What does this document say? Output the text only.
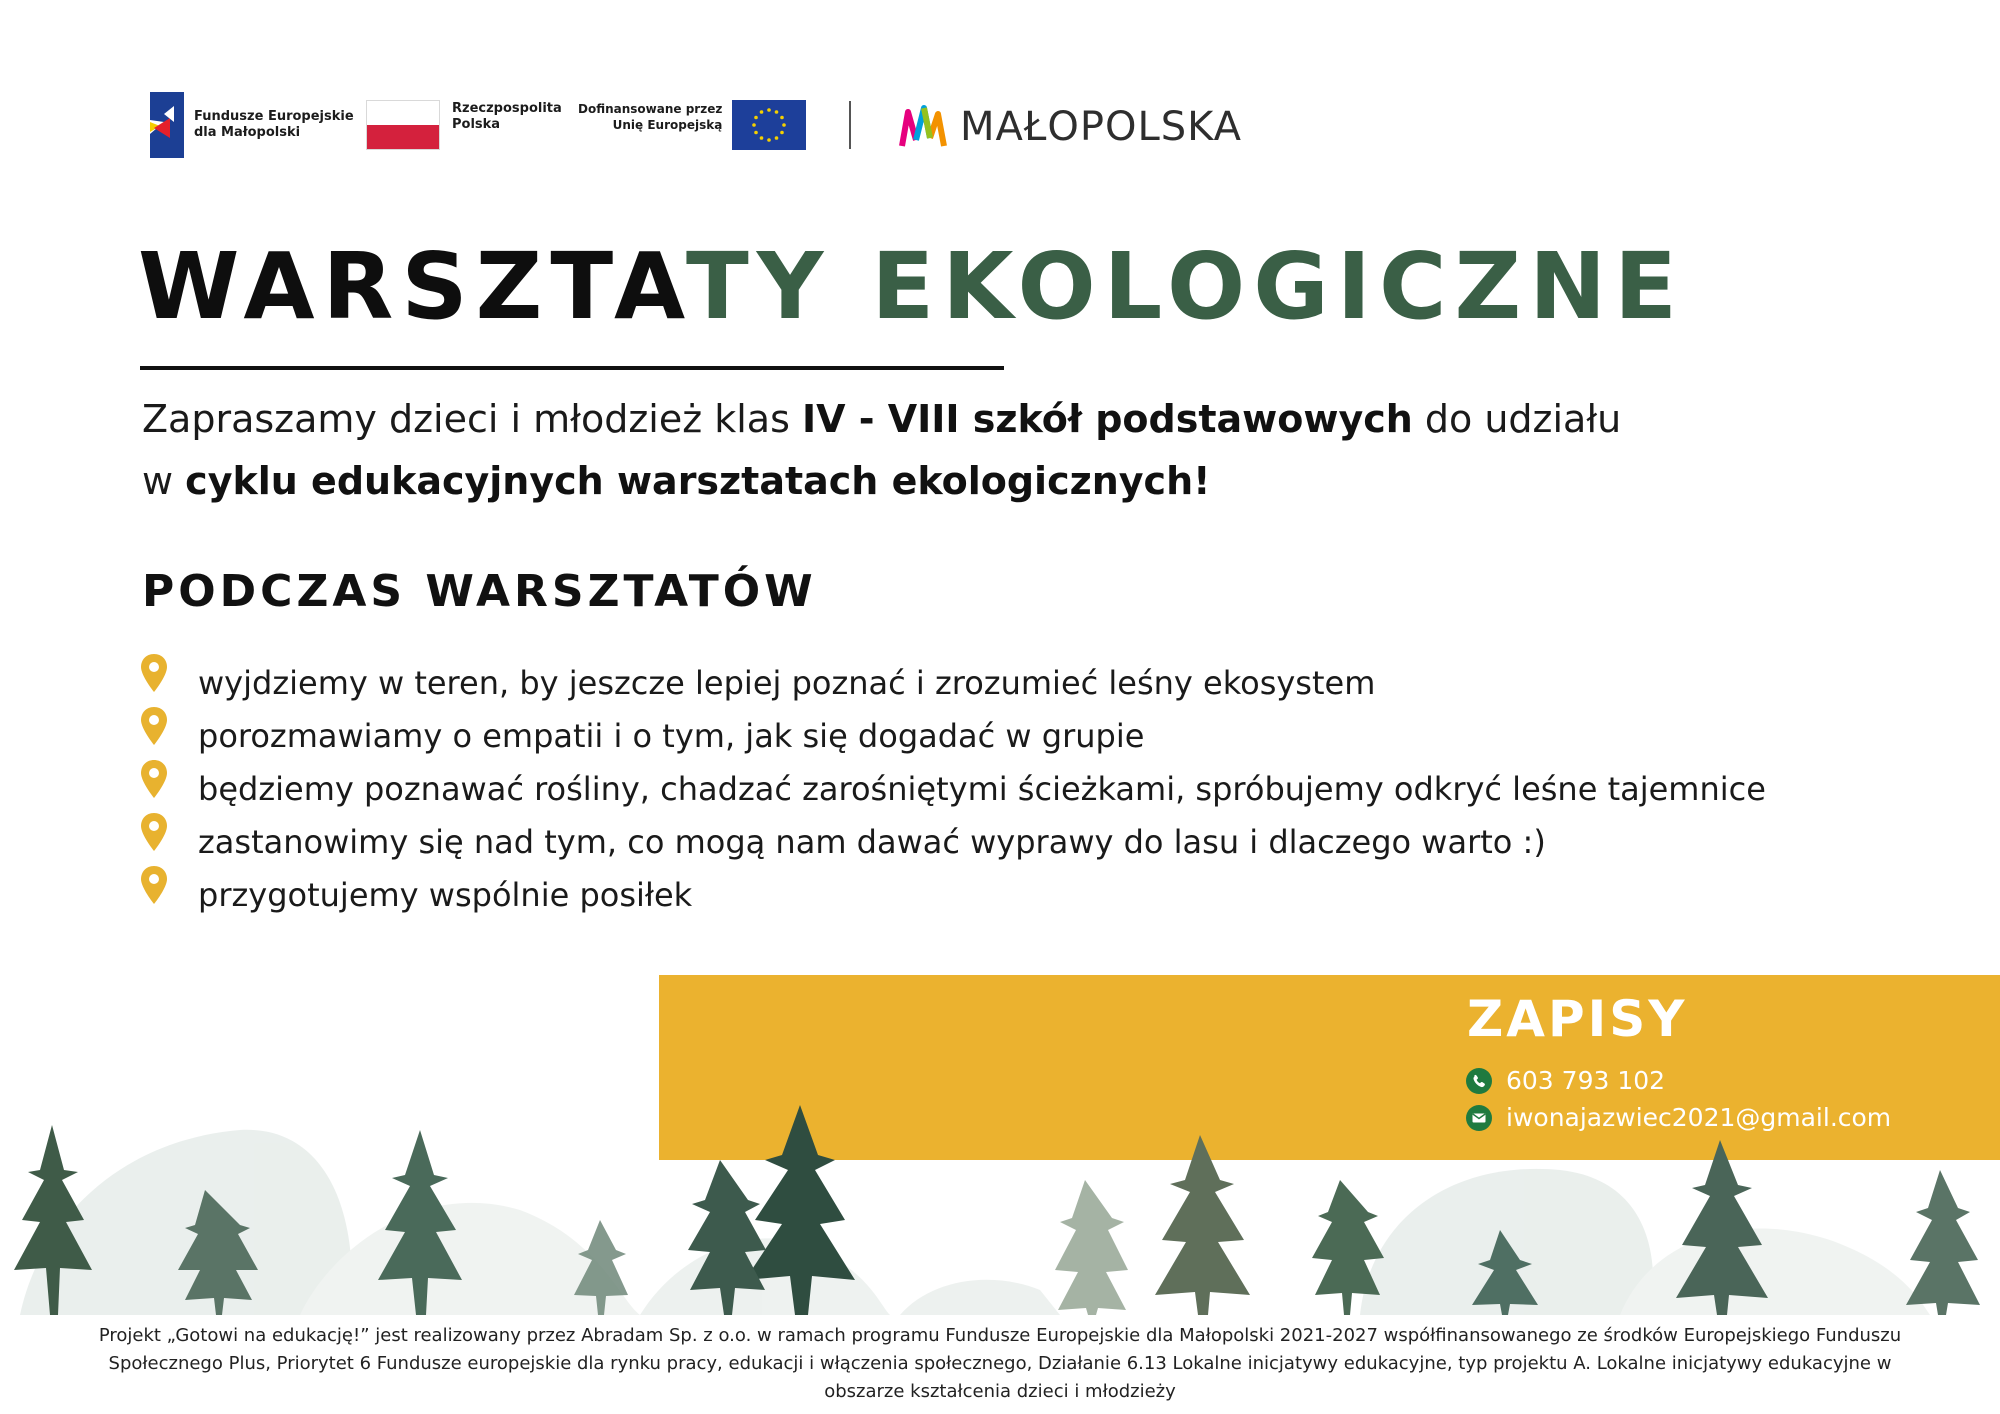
Fundusze Europejskie
dla Małopolski
Rzeczpospolita
Polska
Dofinansowane przez
Unię Europejską	MAŁOPOLSKA
WARSZTATY EKOLOGICZNE
Zapraszamy dzieci i młodzież klas IV - VIII szkół podstawowych do udziału
w cyklu edukacyjnych warsztatach ekologicznych!
PODCZAS WARSZTATÓW
wyjdziemy w teren, by jeszcze lepiej poznać i zrozumieć leśny ekosystem
porozmawiamy o empatii i o tym, jak się dogadać w grupie
będziemy poznawać rośliny, chadzać zarośniętymi ścieżkami, spróbujemy odkryć leśne tajemnice
zastanowimy się nad tym, co mogą nam dawać wyprawy do lasu i dlaczego warto :)
przygotujemy wspólnie posiłek
ZAPISY
603 793 102
iwonajazwiec2021@gmail.com
Projekt „Gotowi na edukację!” jest realizowany przez Abradam Sp. z o.o. w ramach programu Fundusze Europejskie dla Małopolski 2021-2027 współfinansowanego ze środków Europejskiego Funduszu
Społecznego Plus, Priorytet 6 Fundusze europejskie dla rynku pracy, edukacji i włączenia społecznego, Działanie 6.13 Lokalne inicjatywy edukacyjne, typ projektu A. Lokalne inicjatywy edukacyjne w
obszarze kształcenia dzieci i młodzieży
